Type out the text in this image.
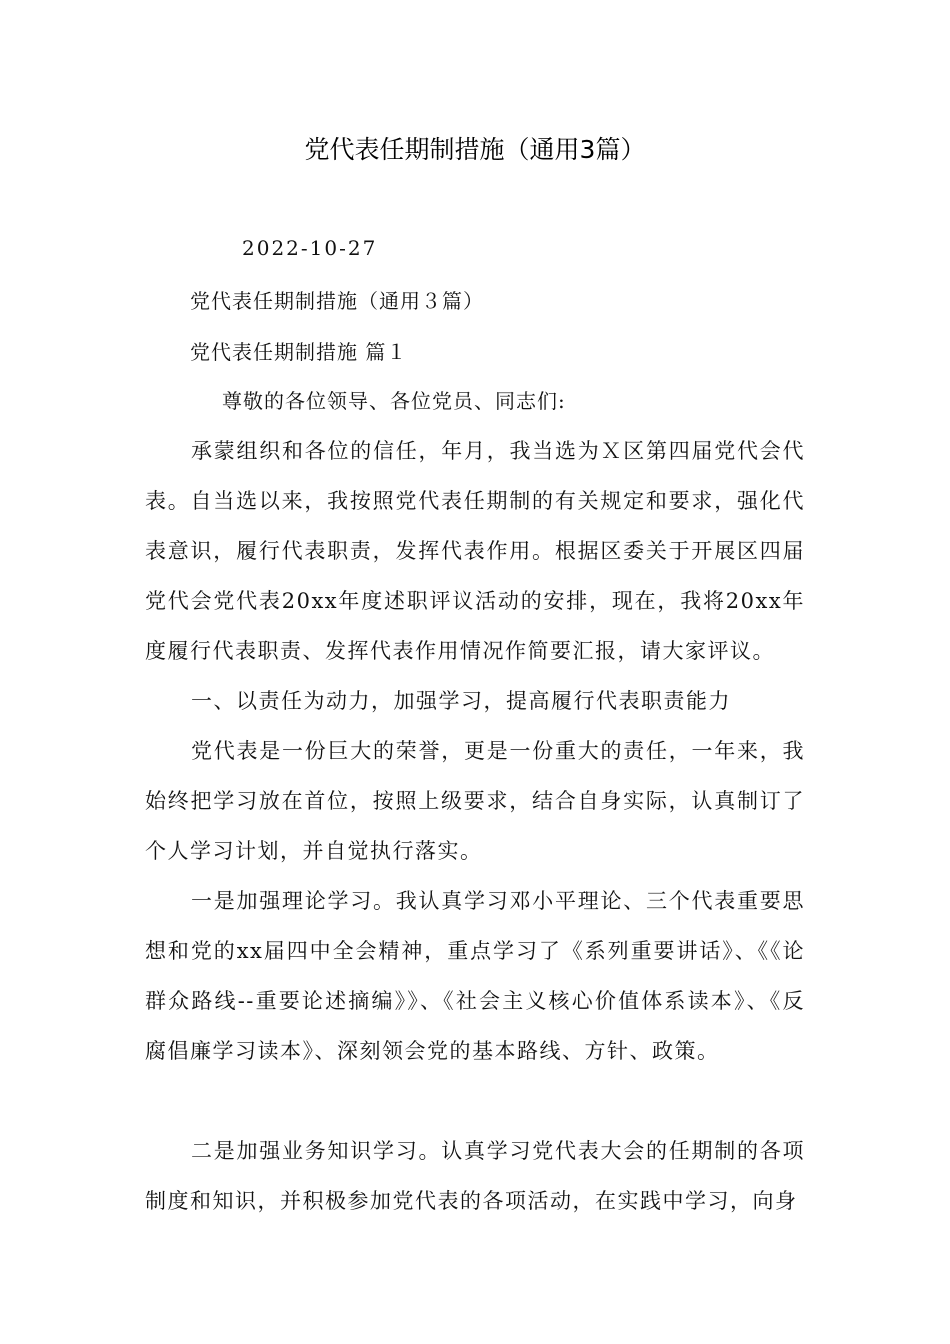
党代表任期制措施（通用3篇）
2022-10-27
党代表任期制措施（通用３篇）
党代表任期制措施 篇１
尊敬的各位领导、各位党员、同志们:
承蒙组织和各位的信任，年月，我当选为Ｘ区第四届党代会代表。自当选以来，我按照党代表任期制的有关规定和要求，强化代表意识，履行代表职责，发挥代表作用。根据区委关于开展区四届党代会党代表20xx年度述职评议活动的安排，现在，我将20xx年度履行代表职责、发挥代表作用情况作简要汇报，请大家评议。
一、以责任为动力，加强学习，提高履行代表职责能力
党代表是一份巨大的荣誉，更是一份重大的责任，一年来，我始终把学习放在首位，按照上级要求，结合自身实际，认真制订了个人学习计划，并自觉执行落实。
一是加强理论学习。我认真学习邓小平理论、三个代表重要思想和党的xx届四中全会精神，重点学习了《系列重要讲话》、《《论群众路线--重要论述摘编》》、《社会主义核心价值体系读本》、《反腐倡廉学习读本》、深刻领会党的基本路线、方针、政策。
二是加强业务知识学习。认真学习党代表大会的任期制的各项制度和知识，并积极参加党代表的各项活动，在实践中学习，向身
